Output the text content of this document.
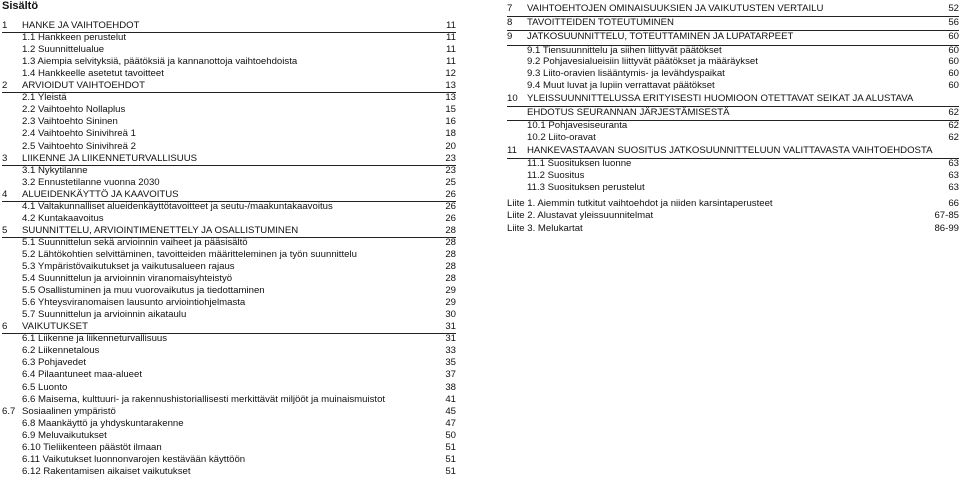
Sisältö
1 HANKE JA VAIHTOEHDOT	11
1.1 Hankkeen perustelut	11
1.2 Suunnittelualue	11
1.3 Aiempia selvityksiä, päätöksiä ja kannanottoja vaihtoehdoista	11
1.4 Hankkeelle asetetut tavoitteet	12
2 ARVIOIDUT VAIHTOEHDOT	13
2.1 Yleistä	13
2.2 Vaihtoehto Nollaplus	15
2.3 Vaihtoehto Sininen	16
2.4 Vaihtoehto Sinivihreä 1	18
2.5 Vaihtoehto Sinivihreä 2	20
3 LIIKENNE JA LIIKENNETURVALLISUUS	23
3.1 Nykytilanne	23
3.2 Ennustetilanne vuonna 2030	25
4 ALUEIDENKÄYTTÖ JA KAAVOITUS	26
4.1 Valtakunnalliset alueidenkäyttötavoitteet ja seutu-/maakuntakaavoitus	26
4.2 Kuntakaavoitus	26
5 SUUNNITTELU, ARVIOINTIMENETTELY JA OSALLISTUMINEN	28
5.1 Suunnittelun sekä arvioinnin vaiheet ja pääsisältö	28
5.2 Lähtökohtien selvittäminen, tavoitteiden määritteleminen ja työn suunnittelu	28
5.3 Ympäristövaikutukset ja vaikutusalueen rajaus	28
5.4 Suunnittelun ja arvioinnin viranomaisyhteistyö	28
5.5 Osallistuminen ja muu vuorovaikutus ja tiedottaminen	29
5.6 Yhteysviranomaisen lausunto arviointiohjelmasta	29
5.7 Suunnittelun ja arvioinnin aikataulu	30
6 VAIKUTUKSET	31
6.1 Liikenne ja liikenneturvallisuus	31
6.2 Liikennetalous	33
6.3 Pohjavedet	35
6.4 Pilaantuneet maa-alueet	37
6.5 Luonto	38
6.6 Maisema, kulttuuri- ja rakennushistoriallisesti merkittävät miljööt ja muinaismuistot	41
6.7 Sosiaalinen ympäristö	45
6.8 Maankäyttö ja yhdyskuntarakenne	47
6.9 Meluvaikutukset	50
6.10 Tieliikenteen päästöt ilmaan	51
6.11 Vaikutukset luonnonvarojen kestävään käyttöön	51
6.12 Rakentamisen aikaiset vaikutukset	51
7 VAIHTOEHTOJEN OMINAISUUKSIEN JA VAIKUTUSTEN VERTAILU	52
8 TAVOITTEIDEN TOTEUTUMINEN	56
9 JATKOSUUNNITTELU, TOTEUTTAMINEN JA LUPATARPEET	60
9.1 Tiensuunnittelu ja siihen liittyvät päätökset	60
9.2 Pohjavesialueisiin liittyvät päätökset ja määräykset	60
9.3 Liito-oravien lisääntymis- ja levähdyspaikat	60
9.4 Muut luvat ja lupiin verrattavat päätökset	60
10 YLEISSUUNNITTELUSSA ERITYISESTI HUOMIOON OTETTAVAT SEIKAT JA ALUSTAVA
EHDOTUS SEURANNAN JÄRJESTÄMISESTÄ	62
10.1 Pohjavesiseuranta	62
10.2 Liito-oravat	62
11 HANKEVASTAAVAN SUOSITUS JATKOSUUNNITTELUUN VALITTAVASTA VAIHTOEHDOSTA
11.1 Suosituksen luonne	63
11.2 Suositus	63
11.3 Suosituksen perustelut	63
Liite 1. Aiemmin tutkitut vaihtoehdot ja niiden karsintaperusteet	66
Liite 2. Alustavat yleissuunnitelmat	67-85
Liite 3. Melukartat	86-99
